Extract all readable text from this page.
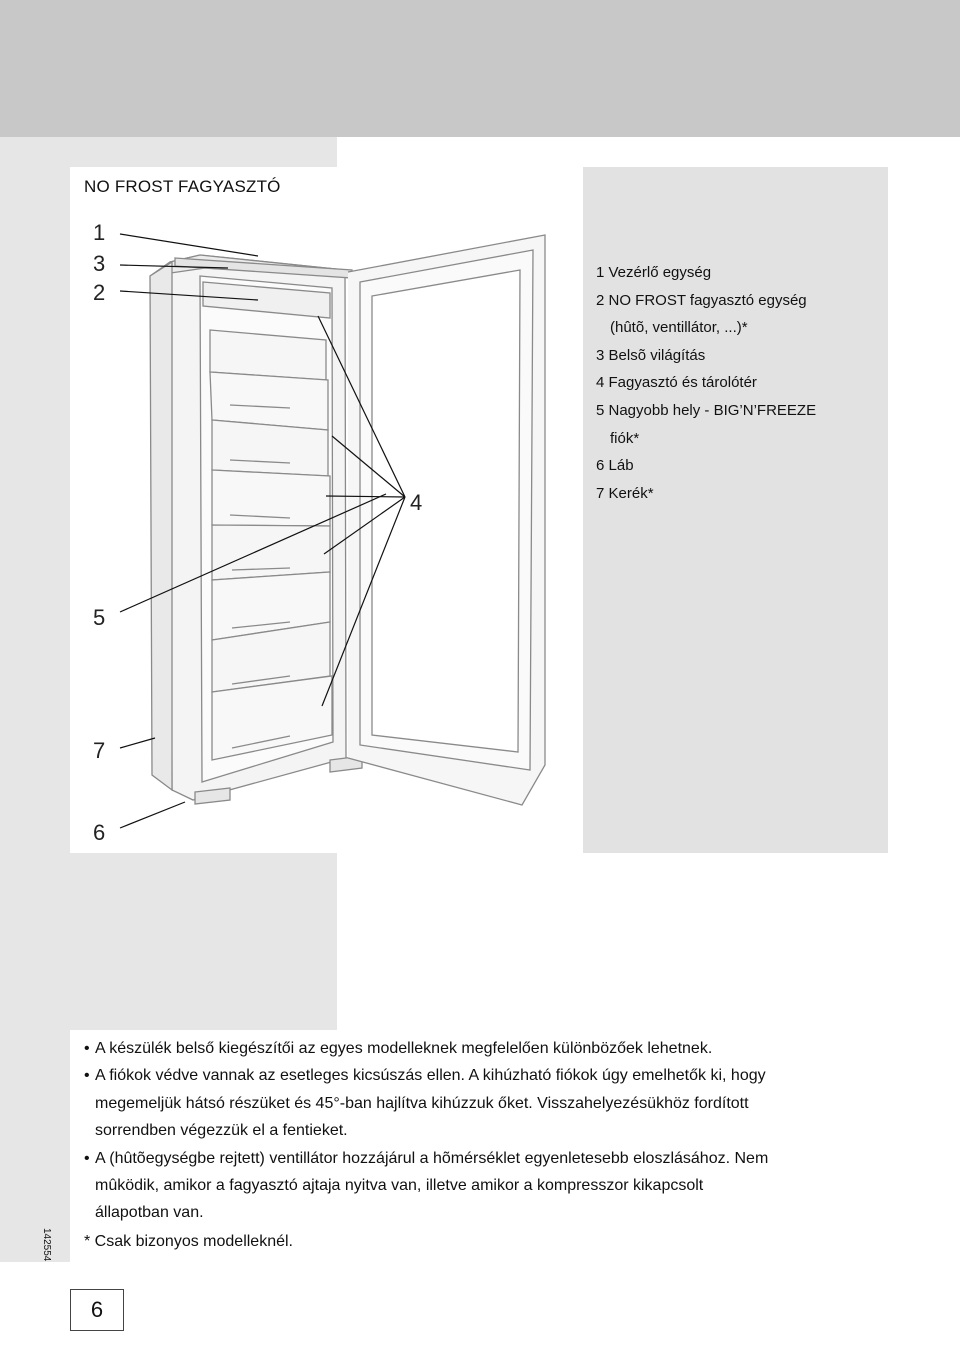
NO FROST FAGYASZTÓ
1
3
2
4
5
7
6
1 Vezérlő egység
2 NO FROST fagyasztó egység
(hûtõ, ventillátor, ...)*
3 Belsõ világítás
4 Fagyasztó és tárolótér
5 Nagyobb hely - BIG’N’FREEZE
fiók*
6 Láb
7 Kerék*
• A készülék belső kiegészítői az egyes modelleknek megfelelően különbözőek lehetnek.
• A fiókok védve vannak az esetleges kicsúszás ellen. A kihúzható fiókok úgy emelhetők ki, hogy
megemeljük hátsó részüket és 45°-ban hajlítva kihúzzuk őket. Visszahelyezésükhöz fordított
sorrendben végezzük el a fentieket.
• A (hûtõegységbe rejtett) ventillátor hozzájárul a hõmérséklet egyenletesebb eloszlásához. Nem
mûködik, amikor a fagyasztó ajtaja nyitva van, illetve amikor a kompresszor kikapcsolt
állapotban van.

* Csak bizonyos modelleknél.

142554
6
